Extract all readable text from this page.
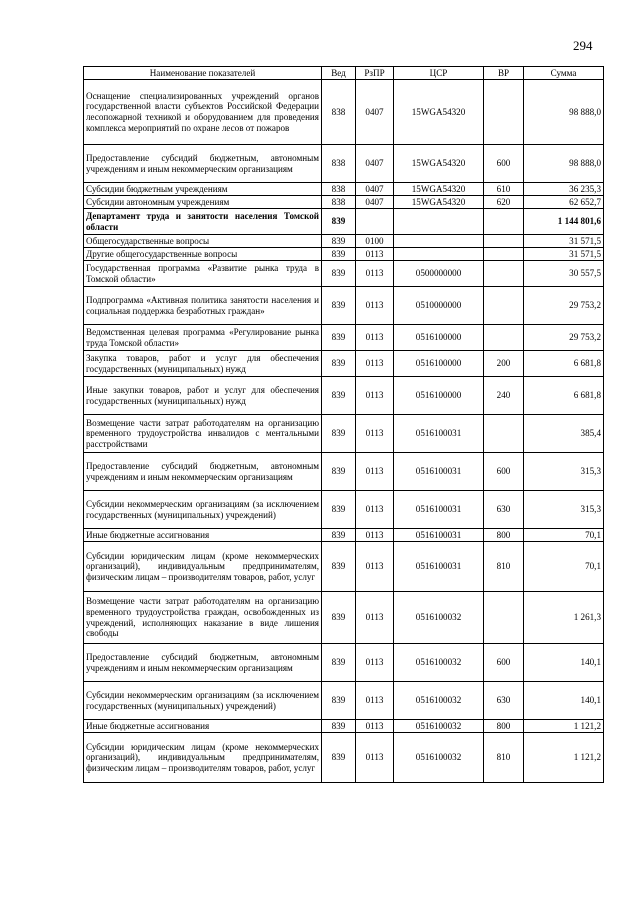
294
Наименование показателей	Вед	РзПР	ЦСР	ВР	Сумма
Оснащение специализированных учреждений органов государственной власти субъектов Российской Федерации лесопожарной техникой и оборудованием для проведения комплекса мероприятий по охране лесов от пожаров	838	0407	15WGA54320		98 888,0
Предоставление субсидий бюджетным, автономным учреждениям и иным некоммерческим организациям	838	0407	15WGA54320	600	98 888,0
Субсидии бюджетным учреждениям	838	0407	15WGA54320	610	36 235,3
Субсидии автономным учреждениям	838	0407	15WGA54320	620	62 652,7
Департамент труда и занятости населения Томской области	839				1 144 801,6
Общегосударственные вопросы	839	0100			31 571,5
Другие общегосударственные вопросы	839	0113			31 571,5
Государственная программа «Развитие рынка труда в Томской области»	839	0113	0500000000		30 557,5
Подпрограмма «Активная политика занятости населения и социальная поддержка безработных граждан»	839	0113	0510000000		29 753,2
Ведомственная целевая программа «Регулирование рынка труда Томской области»	839	0113	0516100000		29 753,2
Закупка товаров, работ и услуг для обеспечения государственных (муниципальных) нужд	839	0113	0516100000	200	6 681,8
Иные закупки товаров, работ и услуг для обеспечения государственных (муниципальных) нужд	839	0113	0516100000	240	6 681,8
Возмещение части затрат работодателям на организацию временного трудоустройства инвалидов с ментальными расстройствами	839	0113	0516100031		385,4
Предоставление субсидий бюджетным, автономным учреждениям и иным некоммерческим организациям	839	0113	0516100031	600	315,3
Субсидии некоммерческим организациям (за исключением государственных (муниципальных) учреждений)	839	0113	0516100031	630	315,3
Иные бюджетные ассигнования	839	0113	0516100031	800	70,1
Субсидии юридическим лицам (кроме некоммерческих организаций), индивидуальным предпринимателям, физическим лицам – производителям товаров, работ, услуг	839	0113	0516100031	810	70,1
Возмещение части затрат работодателям на организацию временного трудоустройства граждан, освобожденных из учреждений, исполняющих наказание в виде лишения свободы	839	0113	0516100032		1 261,3
Предоставление субсидий бюджетным, автономным учреждениям и иным некоммерческим организациям	839	0113	0516100032	600	140,1
Субсидии некоммерческим организациям (за исключением государственных (муниципальных) учреждений)	839	0113	0516100032	630	140,1
Иные бюджетные ассигнования	839	0113	0516100032	800	1 121,2
Субсидии юридическим лицам (кроме некоммерческих организаций), индивидуальным предпринимателям, физическим лицам – производителям товаров, работ, услуг	839	0113	0516100032	810	1 121,2
